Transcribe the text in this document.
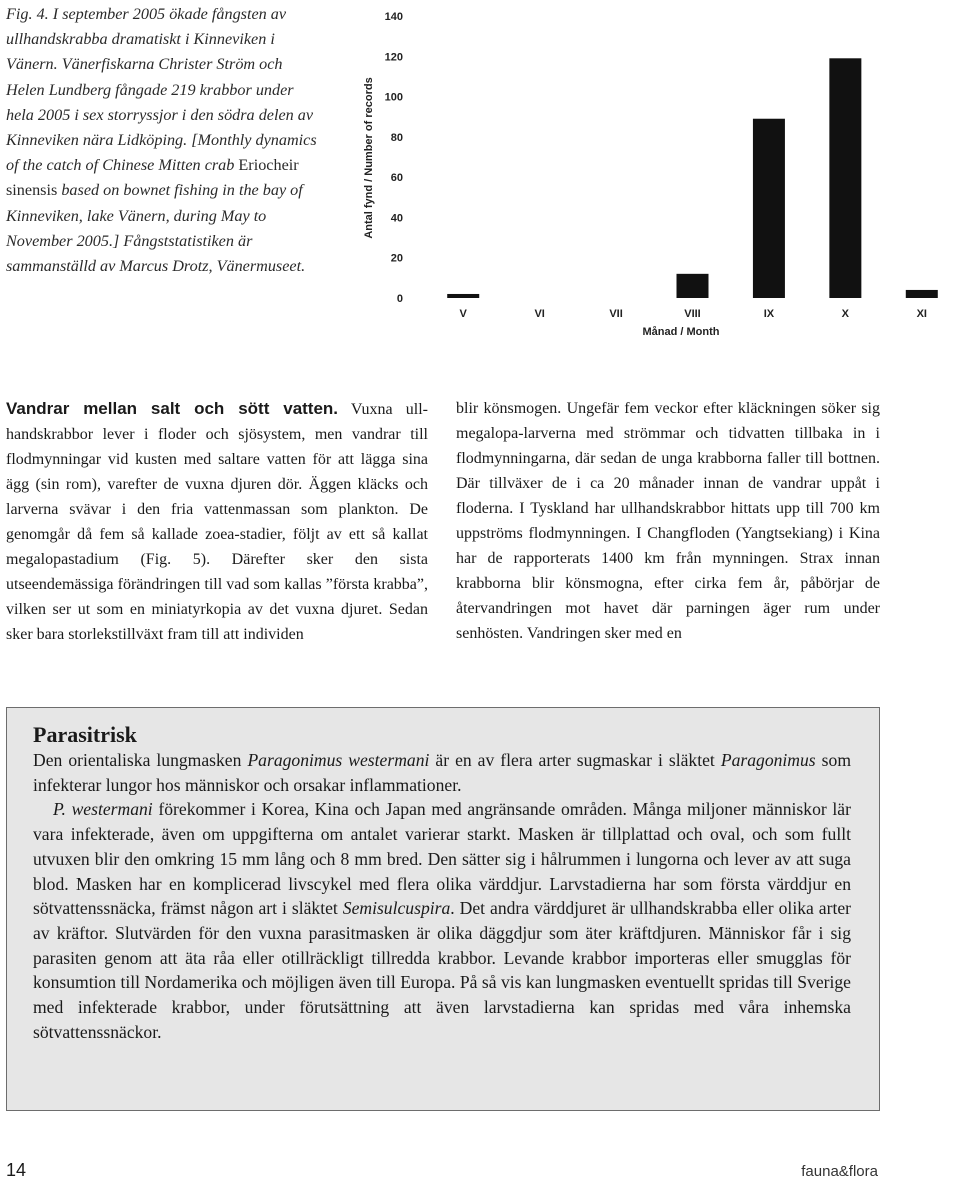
Fig. 4. I september 2005 ökade fångsten av ullhandskrabba dramatiskt i Kinneviken i Vänern. Vänerfiskarna Christer Ström och Helen Lundberg fångade 219 krabbor under hela 2005 i sex storryssjor i den södra delen av Kinneviken nära Lidköping. [Monthly dynamics of the catch of Chinese Mitten crab Eriocheir sinensis based on bownet fishing in the bay of Kinneviken, lake Vänern, during May to November 2005.] Fångststatistiken är sammanställd av Marcus Drotz, Vänermuseet.
0
20
40
60
80
100
120
140
V	VI	VII	VIII	IX	X	XI
Antal fynd / Number of records
Månad / Month

Vandrar mellan salt och sött vatten. Vuxna ullhandskrabbor lever i floder och sjösystem, men vandrar till flodmynningar vid kusten med saltare vatten för att lägga sina ägg (sin rom), varefter de vuxna djuren dör. Äggen kläcks och larverna svävar i den fria vattenmassan som plankton. De genomgår då fem så kallade zoea-stadier, följt av ett så kallat megalopastadium (Fig. 5). Därefter sker den sista utseendemässiga förändringen till vad som kallas ”första krabba”, vilken ser ut som en miniatyrkopia av det vuxna djuret. Sedan sker bara storlekstillväxt fram till att individen

blir könsmogen. Ungefär fem veckor efter kläckningen söker sig megalopa-larverna med strömmar och tidvatten tillbaka in i flodmynningarna, där sedan de unga krabborna faller till bottnen. Där tillväxer de i ca 20 månader innan de vandrar uppåt i floderna. I Tyskland har ullhandskrabbor hittats upp till 700 km uppströms flodmynningen. I Changfloden (Yangtsekiang) i Kina har de rapporterats 1400 km från mynningen. Strax innan krabborna blir könsmogna, efter cirka fem år, påbörjar de återvandringen mot havet där parningen äger rum under senhösten. Vandringen sker med en

Parasitrisk

Den orientaliska lungmasken Paragonimus westermani är en av flera arter sugmaskar i släktet Paragonimus som infekterar lungor hos människor och orsakar inflammationer.

P. westermani förekommer i Korea, Kina och Japan med angränsande områden. Många miljoner människor lär vara infekterade, även om uppgifterna om antalet varierar starkt. Masken är tillplattad och oval, och som fullt utvuxen blir den omkring 15 mm lång och 8 mm bred. Den sätter sig i hålrummen i lungorna och lever av att suga blod. Masken har en komplicerad livscykel med flera olika värddjur. Larvstadierna har som första värddjur en sötvattenssnäcka, främst någon art i släktet Semisulcuspira. Det andra värddjuret är ullhandskrabba eller olika arter av kräftor. Slutvärden för den vuxna parasitmasken är olika däggdjur som äter kräftdjuren. Människor får i sig parasiten genom att äta råa eller otillräckligt tillredda krabbor. Levande krabbor importeras eller smugglas för konsumtion till Nordamerika och möjligen även till Europa. På så vis kan lungmasken eventuellt spridas till Sverige med infekterade krabbor, under förutsättning att även larvstadierna kan spridas med våra inhemska sötvattenssnäckor.

14	fauna&flora
